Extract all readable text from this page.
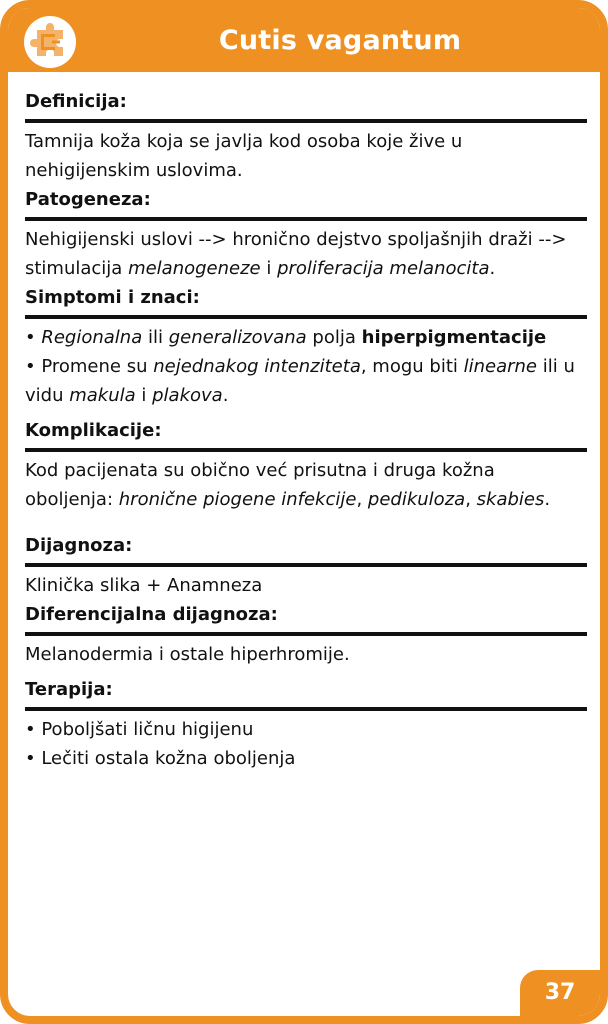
Cutis vagantum
Definicija:

Tamnija koža koja se javlja kod osoba koje žive u nehigijenskim uslovima.

Patogeneza:

Nehigijenski uslovi --> hronično dejstvo spoljašnjih draži --> stimulacija melanogeneze i proliferacija melanocita.

Simptomi i znaci:

• Regionalna ili generalizovana polja hiperpigmentacije

• Promene su nejednakog intenziteta, mogu biti linearne ili u vidu makula i plakova.

Komplikacije:

Kod pacijenata su obično već prisutna i druga kožna oboljenja: hronične piogene infekcije, pedikuloza, skabies.

Dijagnoza:

Klinička slika + Anamneza

Diferencijalna dijagnoza:

Melanodermia i ostale hiperhromije.

Terapija:

• Poboljšati ličnu higijenu

• Lečiti ostala kožna oboljenja

37
